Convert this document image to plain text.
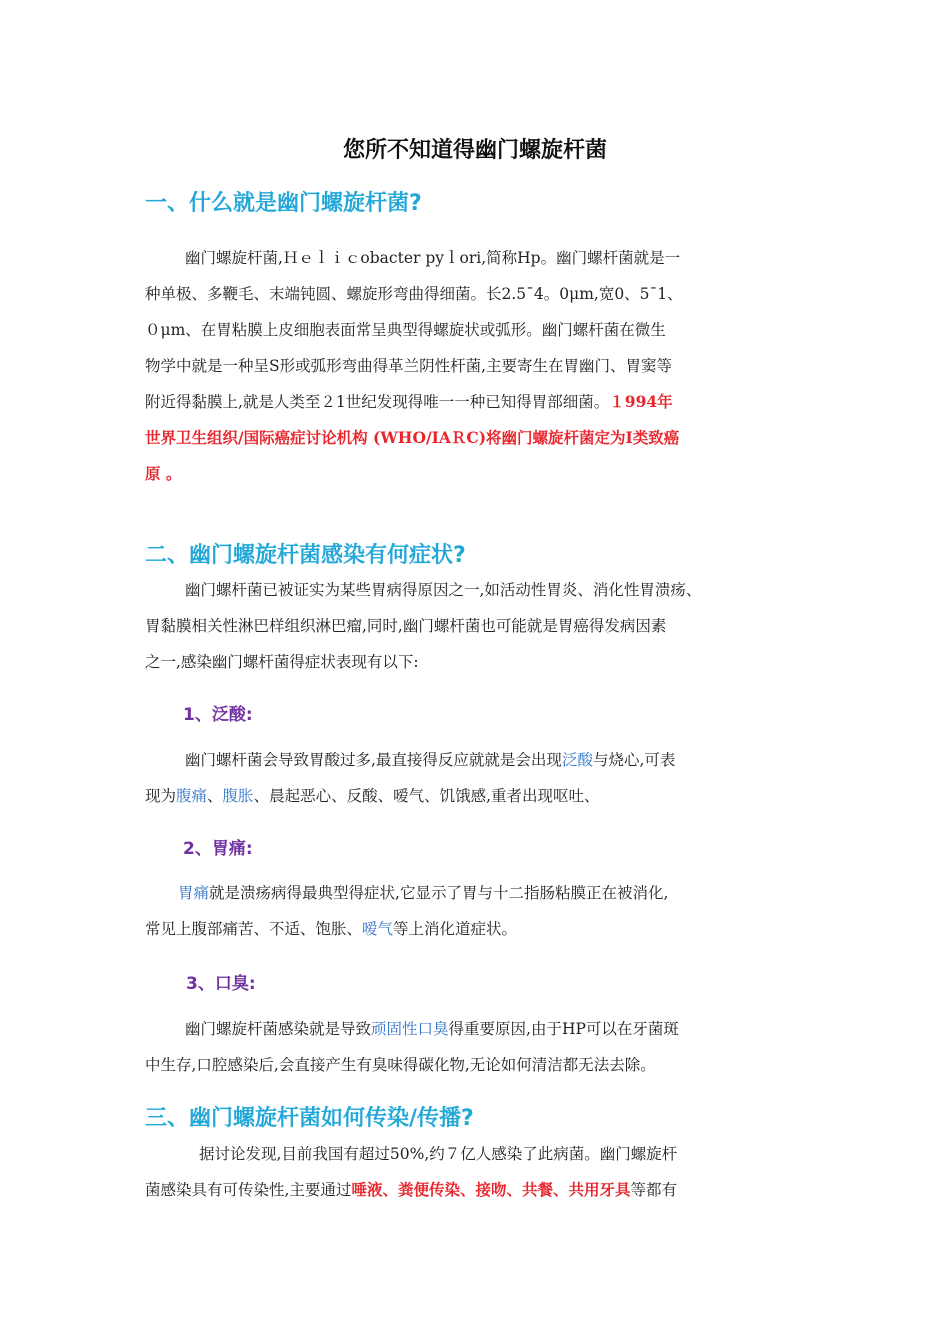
您所不知道得幽门螺旋杆菌
一、什么就是幽门螺旋杆菌?
幽门螺旋杆菌,Ｈｅｌｉｃobacter pyｌori,简称Hp。幽门螺杆菌就是一
种单极、多鞭毛、末端钝圆、螺旋形弯曲得细菌。长2.5¯4。0μm,宽0、5¯1、
０μm、在胃粘膜上皮细胞表面常呈典型得螺旋状或弧形。幽门螺杆菌在微生
物学中就是一种呈S形或弧形弯曲得革兰阴性杆菌,主要寄生在胃幽门、胃窦等
附近得黏膜上,就是人类至２1世纪发现得唯一一种已知得胃部细菌。１994年
世界卫生组织/国际癌症讨论机构 (WHO/IAＲC)将幽门螺旋杆菌定为Ⅰ类致癌
原 。
二、幽门螺旋杆菌感染有何症状?
幽门螺杆菌已被证实为某些胃病得原因之一,如活动性胃炎、消化性胃溃疡、
胃黏膜相关性淋巴样组织淋巴瘤,同时,幽门螺杆菌也可能就是胃癌得发病因素
之一,感染幽门螺杆菌得症状表现有以下:
1、泛酸:
幽门螺杆菌会导致胃酸过多,最直接得反应就就是会出现泛酸与烧心,可表
现为腹痛、腹胀、晨起恶心、反酸、嗳气、饥饿感,重者出现呕吐、
2、胃痛:
胃痛就是溃疡病得最典型得症状,它显示了胃与十二指肠粘膜正在被消化,
常见上腹部痛苦、不适、饱胀、嗳气等上消化道症状。
3、口臭:
幽门螺旋杆菌感染就是导致顽固性口臭得重要原因,由于HP可以在牙菌斑
中生存,口腔感染后,会直接产生有臭味得碳化物,无论如何清洁都无法去除。
三、幽门螺旋杆菌如何传染/传播?
据讨论发现,目前我国有超过50%,约７亿人感染了此病菌。幽门螺旋杆
菌感染具有可传染性,主要通过唾液、粪便传染、接吻、共餐、共用牙具等都有
